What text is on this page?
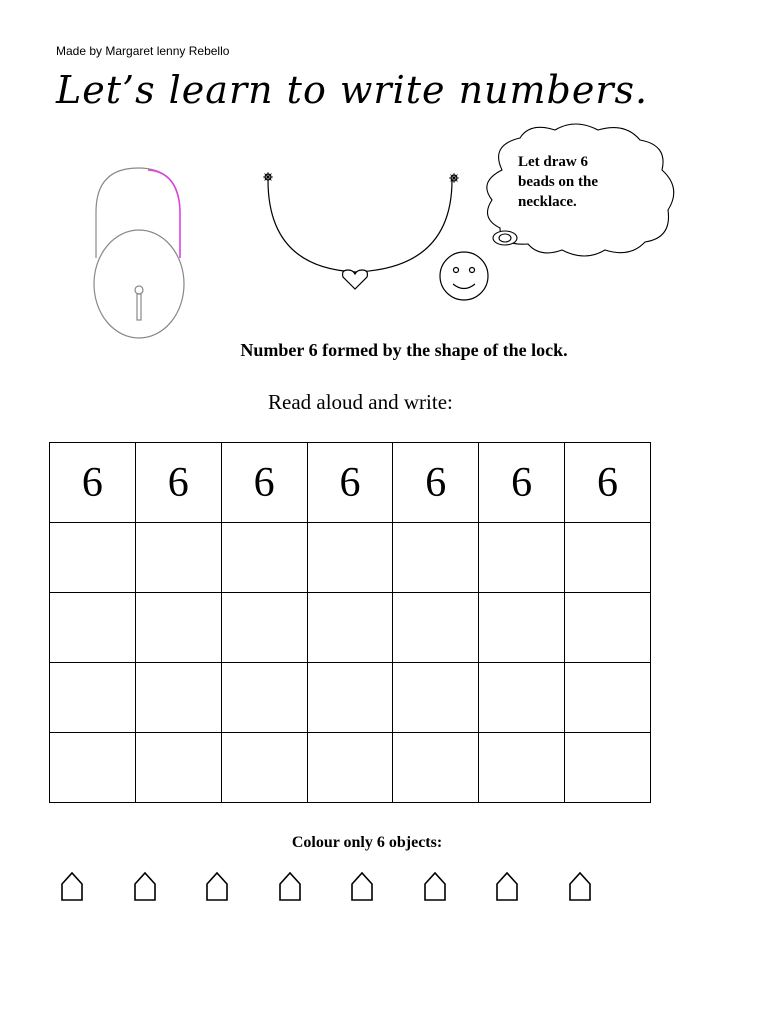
Made by Margaret lenny Rebello
Let’s learn to write numbers.
Let draw 6
beads on the
necklace.
Number 6 formed by the shape of the lock.
Read aloud and write:
6	6	6	6	6	6	6

Colour only 6 objects:
